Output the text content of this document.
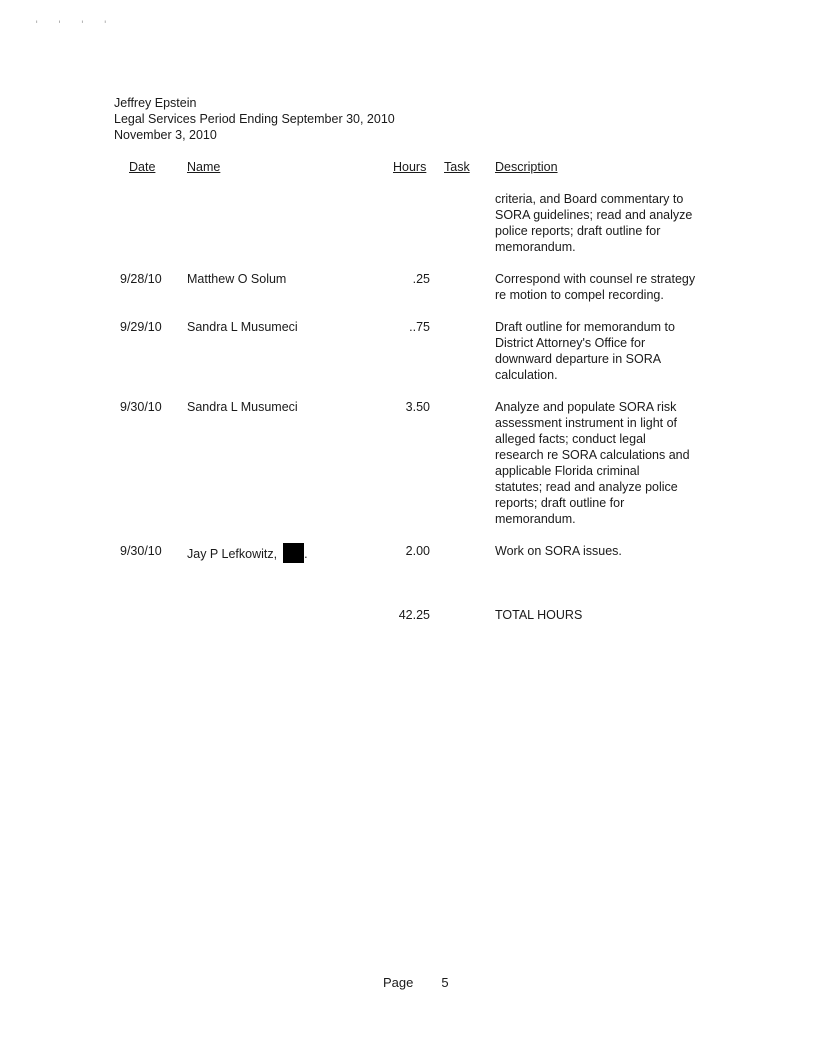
' ' ' '
Jeffrey Epstein
Legal Services Period Ending September 30, 2010
November 3, 2010
Date	Name	Hours Task Description
criteria, and Board commentary to
SORA guidelines; read and analyze
police reports; draft outline for
memorandum.
9/28/10 Matthew O Solum	.25	Correspond with counsel re strategy
re motion to compel recording.
9/29/10 Sandra L Musumeci	..75	Draft outline for memorandum to
District Attorney's Office for
downward departure in SORA
calculation.
9/30/10 Sandra L Musumeci	3.50	Analyze and populate SORA risk
assessment instrument in light of
alleged facts; conduct legal
research re SORA calculations and
applicable Florida criminal
statutes; read and analyze police
reports; draft outline for
memorandum.
9/30/10 Jay P Lefkowitz, .	2.00	Work on SORA issues.
42.25	TOTAL HOURS
Page 5
